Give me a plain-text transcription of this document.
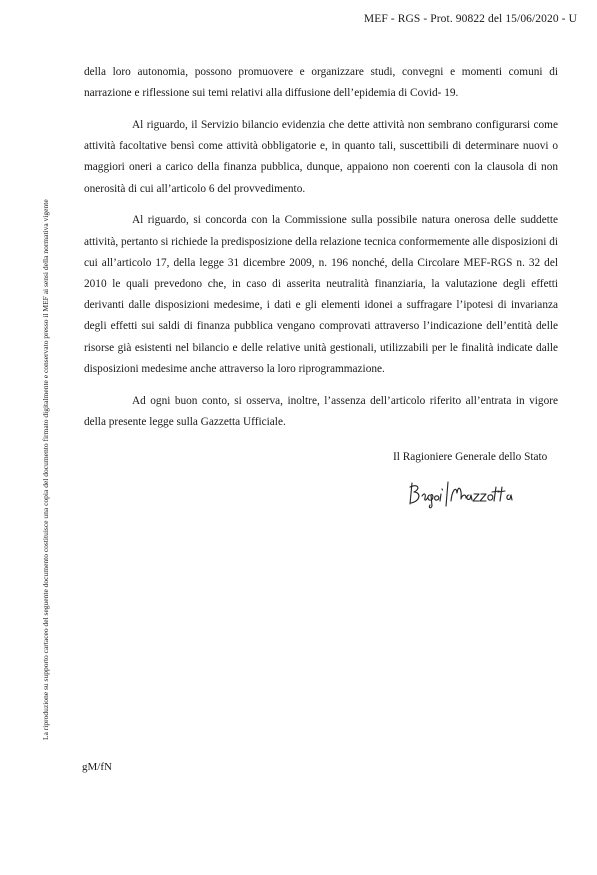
MEF - RGS - Prot. 90822 del 15/06/2020 - U
La riproduzione su supporto cartaceo del seguente documento costituisce una copia del documento firmato digitalmente e conservato presso il MEF ai sensi della normativa vigente

della loro autonomia, possono promuovere e organizzare studi, convegni e momenti comuni di narrazione e riflessione sui temi relativi alla diffusione dell’epidemia di Covid- 19.

Al riguardo, il Servizio bilancio evidenzia che dette attività non sembrano configurarsi come attività facoltative bensì come attività obbligatorie e, in quanto tali, suscettibili di determinare nuovi o maggiori oneri a carico della finanza pubblica, dunque, appaiono non coerenti con la clausola di non onerosità di cui all’articolo 6 del provvedimento.

Al riguardo, si concorda con la Commissione sulla possibile natura onerosa delle suddette attività, pertanto si richiede la predisposizione della relazione tecnica conformemente alle disposizioni di cui all’articolo 17, della legge 31 dicembre 2009, n. 196 nonché, della Circolare MEF-RGS n. 32 del 2010 le quali prevedono che, in caso di asserita neutralità finanziaria, la valutazione degli effetti derivanti dalle disposizioni medesime, i dati e gli elementi idonei a suffragare l’ipotesi di invarianza degli effetti sui saldi di finanza pubblica vengano comprovati attraverso l’indicazione dell’entità delle risorse già esistenti nel bilancio e delle relative unità gestionali, utilizzabili per le finalità indicate dalle disposizioni medesime anche attraverso la loro riprogrammazione.

Ad ogni buon conto, si osserva, inoltre, l’assenza dell’articolo riferito all’entrata in vigore della presente legge sulla Gazzetta Ufficiale.

Il Ragioniere Generale dello Stato
gM/fN
